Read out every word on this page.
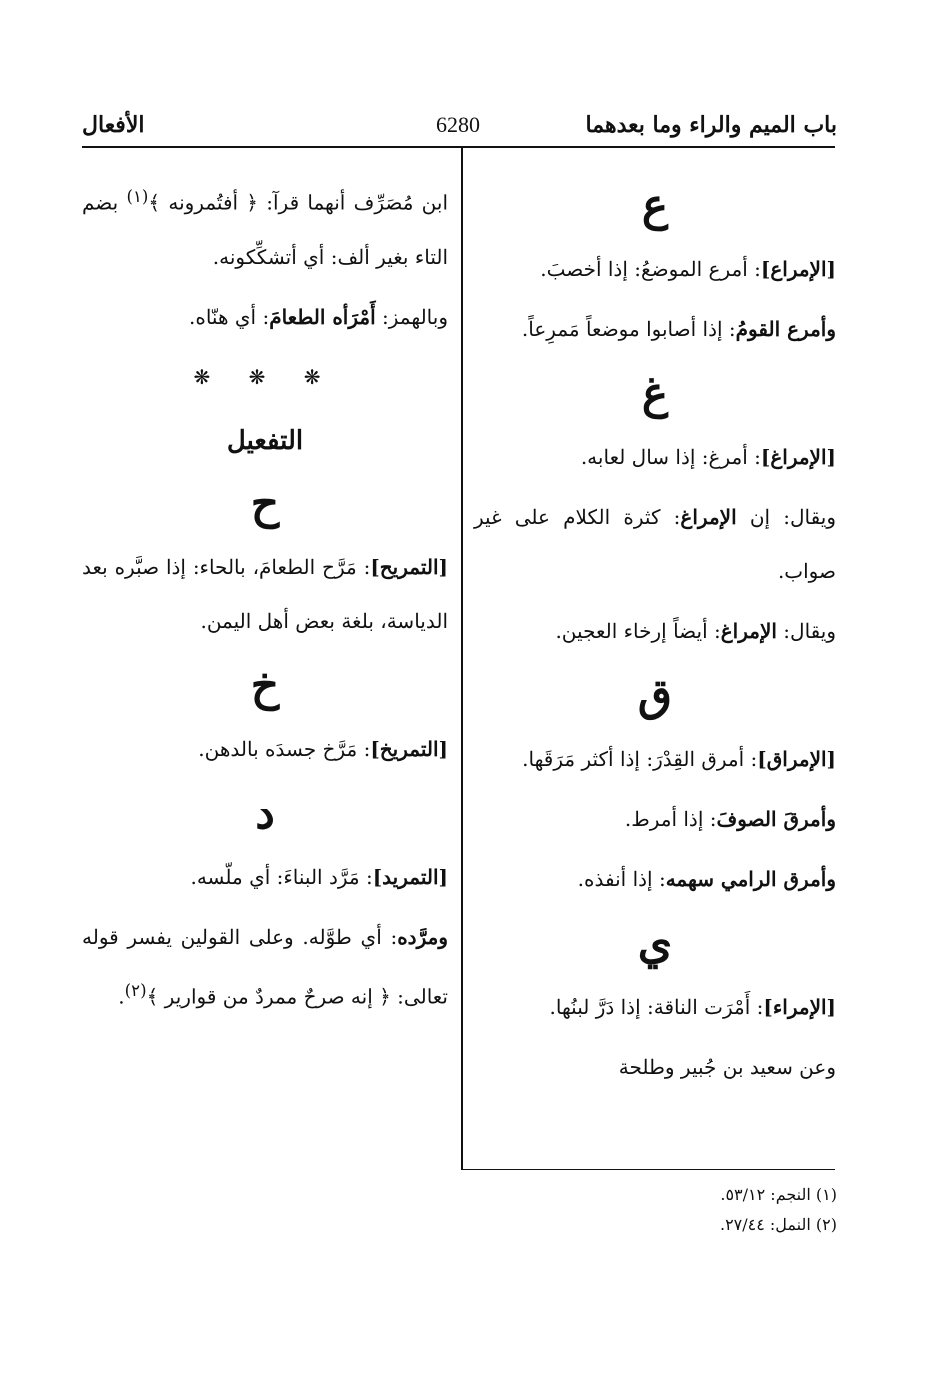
باب الميم والراء وما بعدهما
6280
الأفعال
ع

[الإمراع]: أمرع الموضعُ: إذا أخصبَ.

وأمرع القومُ: إذا أصابوا موضعاً مَمرِعاً.

غ

[الإمراغ]: أمرغ: إذا سال لعابه.

ويقال: إن الإمراغ: كثرة الكلام على غير صواب.

ويقال: الإمراغ: أيضاً إرخاء العجين.

ق

[الإمراق]: أمرق القِدْرَ: إذا أكثر مَرَقَها.

وأمرقَ الصوفَ: إذا أمرط.

وأمرق الرامي سهمه: إذا أنفذه.

ي

[الإمراء]: أَمْرَت الناقة: إذا دَرَّ لبنُها.

وعن سعيد بن جُبير وطلحة

ابن مُصَرِّف أنهما قرآ: ﴿ أفتُمرونه ﴾$^{(١)}$ بضم التاء بغير ألف: أي أتشكِّكونه.

وبالهمز: أَمْرَأه الطعامَ: أي هنّاه.

❋ ❋ ❋
التفعيل
ح

[التمريح]: مَرَّح الطعامَ، بالحاء: إذا صبَّره بعد الدياسة، بلغة بعض أهل اليمن.

خ

[التمريخ]: مَرَّخ جسدَه بالدهن.

د

[التمريد]: مَرَّد البناءَ: أي ملّسه.

ومرَّده: أي طوَّله. وعلى القولين يفسر قوله تعالى: ﴿ إنه صرحٌ ممردٌ من قوارير ﴾$^{(٢)}$.

(١) النجم: ٥٣/١٢.
(٢) النمل: ٢٧/٤٤.
